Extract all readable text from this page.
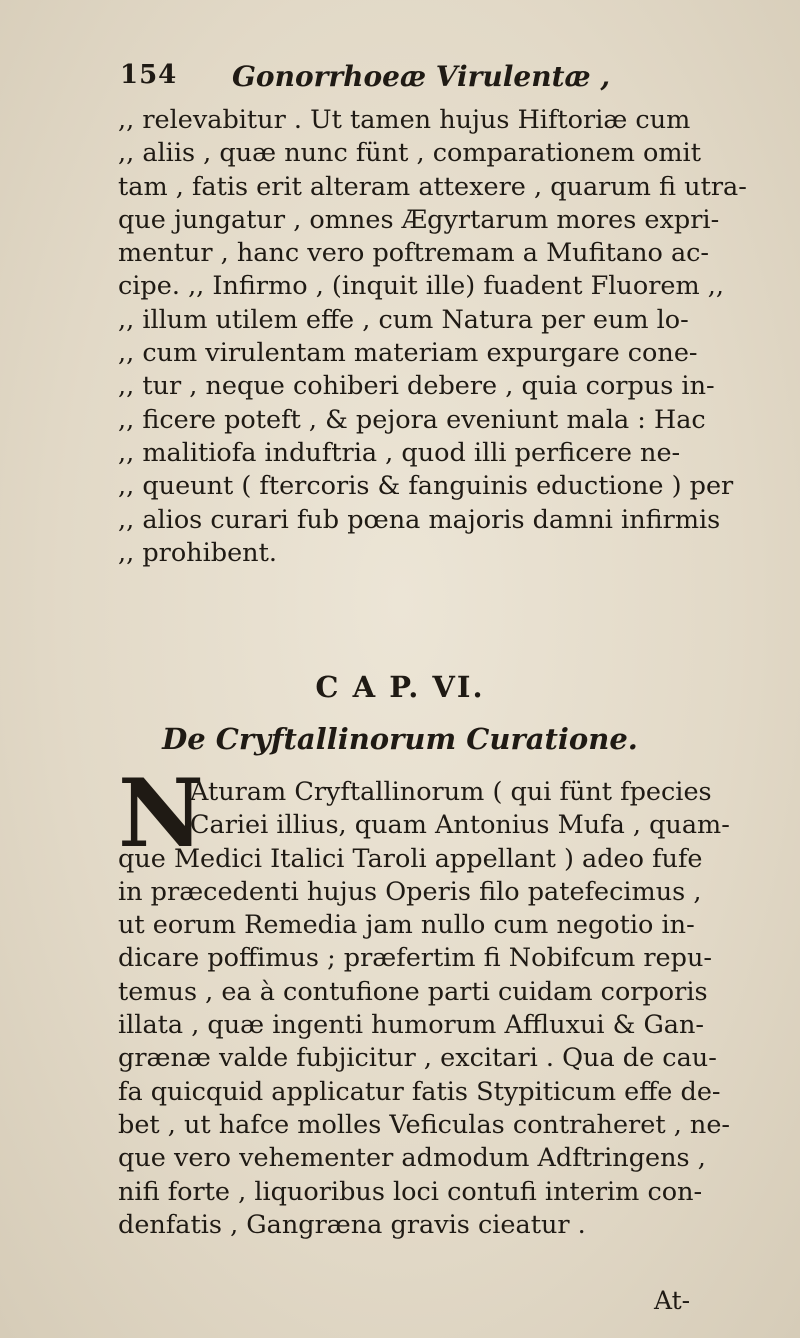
154 Gonorrhoeæ Virulentæ ,
,, relevabitur . Ut tamen hujus Hiftoriæ cum
,, aliis , quæ nunc fünt , comparationem omit
tam , fatis erit alteram attexere , quarum fi utra-
que jungatur , omnes Ægyrtarum mores expri-
mentur , hanc vero poftremam a Mufitano ac-
cipe. ,, Infirmo , (inquit ille) fuadent Fluorem ,,
,, illum utilem effe , cum Natura per eum lo-
,, cum virulentam materiam expurgare cone-
,, tur , neque cohiberi debere , quia corpus in-
,, ficere poteft , & pejora eveniunt mala : Hac
,, malitiofa induftria , quod illi perficere ne-
,, queunt ( ftercoris & fanguinis eductione ) per
,, alios curari fub pœna majoris damni infirmis
,, prohibent.
C A P. VI.
De Cryftallinorum Curatione.
N
Aturam Cryftallinorum ( qui fünt fpecies
Cariei illius, quam Antonius Mufa , quam-
que Medici Italici Taroli appellant ) adeo fufe
in præcedenti hujus Operis filo patefecimus ,
ut eorum Remedia jam nullo cum negotio in-
dicare poffimus ; præfertim fi Nobifcum repu-
temus , ea à contufione parti cuidam corporis
illata , quæ ingenti humorum Affluxui & Gan-
grænæ valde fubjicitur , excitari . Qua de cau-
fa quicquid applicatur fatis Stypiticum effe de-
bet , ut hafce molles Veficulas contraheret , ne-
que vero vehementer admodum Adftringens ,
nifi forte , liquoribus loci contufi interim con-
denfatis , Gangræna gravis cieatur .
At-
